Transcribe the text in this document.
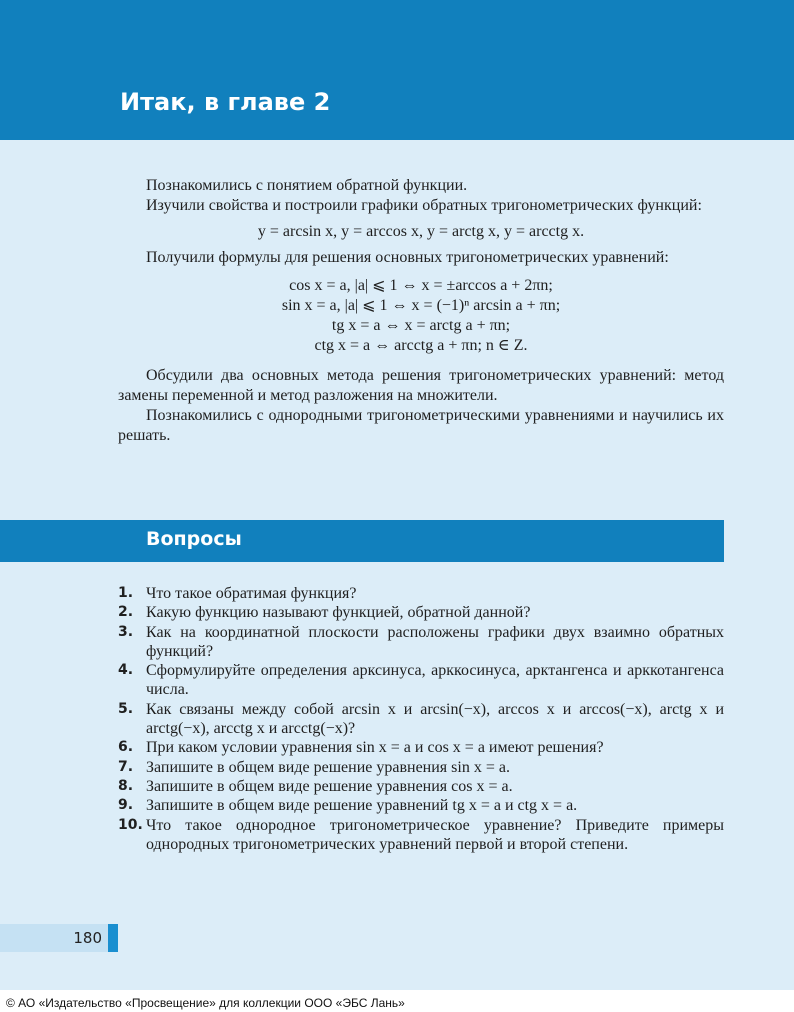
Итак, в главе 2

Познакомились с понятием обратной функции.

Изучили свойства и построили графики обратных тригонометрических функций:

y = arcsin x, y = arccos x, y = arctg x, y = arcctg x.

Получили формулы для решения основных тригонометрических уравнений:

cos x = a, |a| ⩽ 1 ⇔ x = ±arccos a + 2πn;
sin x = a, |a| ⩽ 1 ⇔ x = (−1)ⁿ arcsin a + πn;
tg x = a ⇔ x = arctg a + πn;
ctg x = a ⇔ arcctg a + πn; n ∈ Z.

Обсудили два основных метода решения тригонометрических уравнений: метод замены переменной и метод разложения на множители.

Познакомились с однородными тригонометрическими уравнениями и научились их решать.

Вопросы
1. Что такое обратимая функция?
2. Какую функцию называют функцией, обратной данной?
3. Как на координатной плоскости расположены графики двух взаимно обратных функций?
4. Сформулируйте определения арксинуса, арккосинуса, арктангенса и арккотангенса числа.
5. Как связаны между собой arcsin x и arcsin(−x), arccos x и arccos(−x), arctg x и arctg(−x), arcctg x и arcctg(−x)?
6. При каком условии уравнения sin x = a и cos x = a имеют решения?
7. Запишите в общем виде решение уравнения sin x = a.
8. Запишите в общем виде решение уравнения cos x = a.
9. Запишите в общем виде решение уравнений tg x = a и ctg x = a.
10. Что такое однородное тригонометрическое уравнение? Приведите примеры однородных тригонометрических уравнений первой и второй степени.
180
© АО «Издательство «Просвещение» для коллекции ООО «ЭБС Лань»
